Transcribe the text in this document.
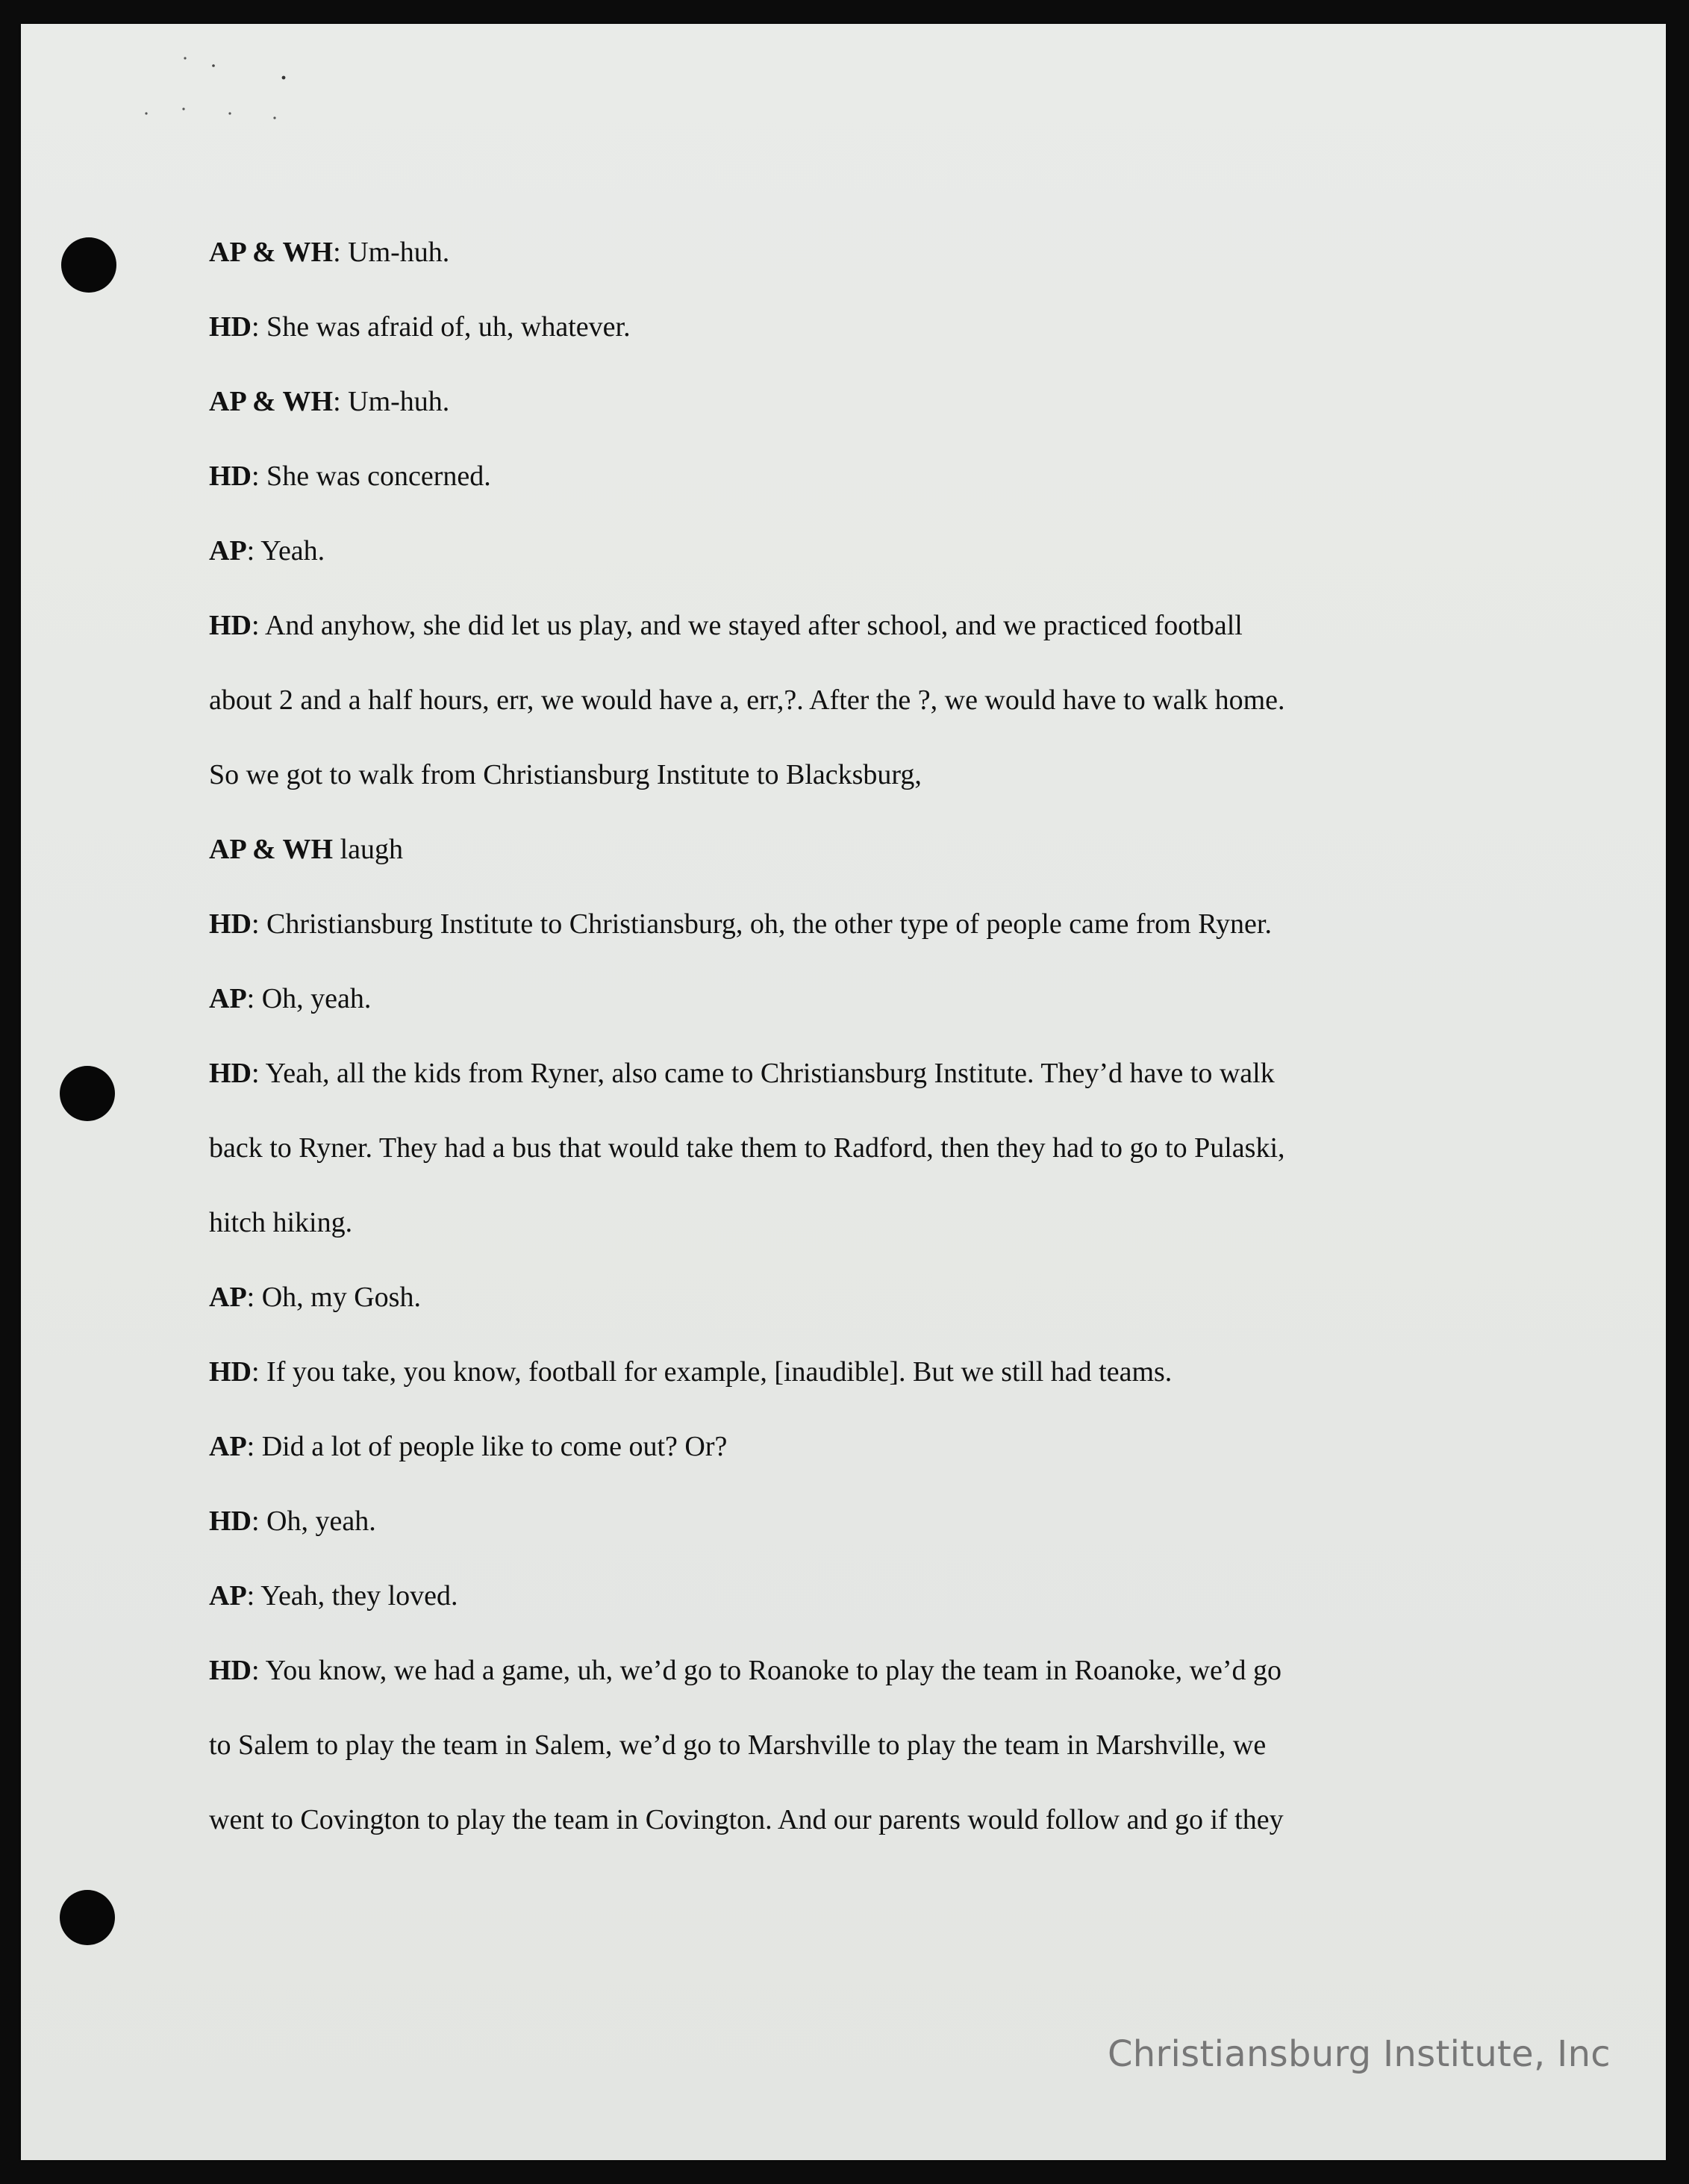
AP & WH: Um-huh.
HD: She was afraid of, uh, whatever.
AP & WH: Um-huh.
HD: She was concerned.
AP: Yeah.
HD: And anyhow, she did let us play, and we stayed after school, and we practiced football
about 2 and a half hours, err, we would have a, err,?. After the ?, we would have to walk home.
So we got to walk from Christiansburg Institute to Blacksburg,
AP & WH laugh
HD: Christiansburg Institute to Christiansburg, oh, the other type of people came from Ryner.
AP: Oh, yeah.
HD: Yeah, all the kids from Ryner, also came to Christiansburg Institute. They’d have to walk
back to Ryner. They had a bus that would take them to Radford, then they had to go to Pulaski,
hitch hiking.
AP: Oh, my Gosh.
HD: If you take, you know, football for example, [inaudible]. But we still had teams.
AP: Did a lot of people like to come out? Or?
HD: Oh, yeah.
AP: Yeah, they loved.
HD: You know, we had a game, uh, we’d go to Roanoke to play the team in Roanoke, we’d go
to Salem to play the team in Salem, we’d go to Marshville to play the team in Marshville, we
went to Covington to play the team in Covington. And our parents would follow and go if they
Christiansburg Institute, Inc
